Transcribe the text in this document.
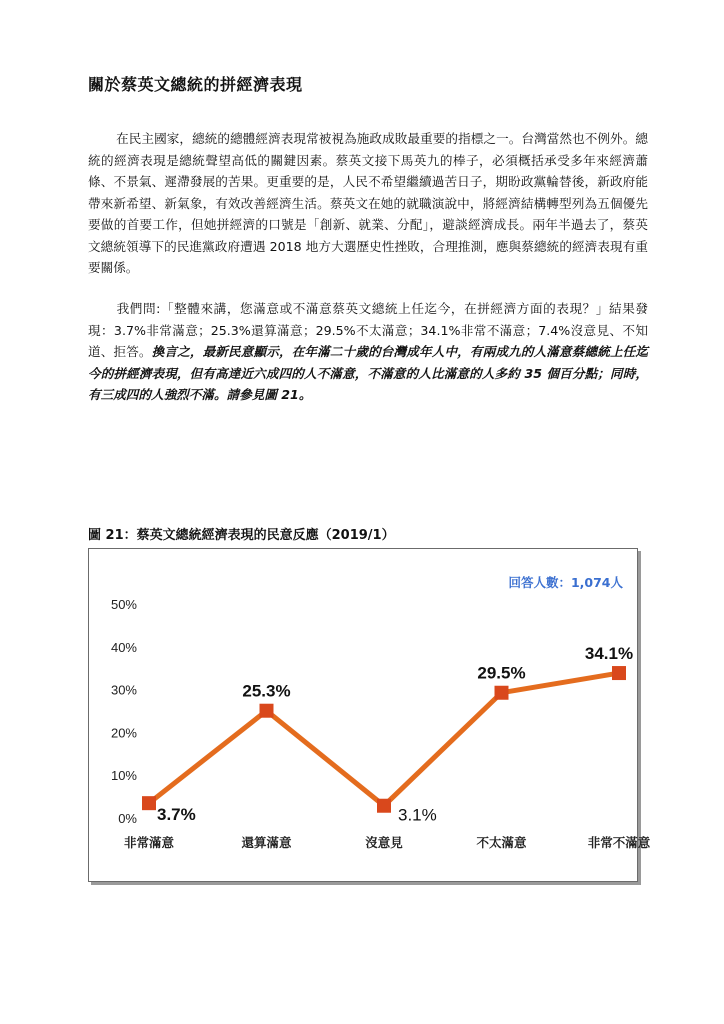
關於蔡英文總統的拼經濟表現

在民主國家，總統的總體經濟表現常被視為施政成敗最重要的指標之一。台灣當然也不例外。總統的經濟表現是總統聲望高低的關鍵因素。蔡英文接下馬英九的棒子，必須概括承受多年來經濟蕭條、不景氣、遲滯發展的苦果。更重要的是，人民不希望繼續過苦日子，期盼政黨輪替後，新政府能帶來新希望、新氣象，有效改善經濟生活。蔡英文在她的就職演說中，將經濟結構轉型列為五個優先要做的首要工作，但她拼經濟的口號是「創新、就業、分配」，避談經濟成長。兩年半過去了，蔡英文總統領導下的民進黨政府遭遇 2018 地方大選歷史性挫敗，合理推測，應與蔡總統的經濟表現有重要關係。

我們問:「整體來講，您滿意或不滿意蔡英文總統上任迄今，在拼經濟方面的表現？」結果發現：3.7%非常滿意；25.3%還算滿意；29.5%不太滿意；34.1%非常不滿意；7.4%沒意見、不知道、拒答。換言之，最新民意顯示，在年滿二十歲的台灣成年人中，有兩成九的人滿意蔡總統上任迄今的拼經濟表現，但有高達近六成四的人不滿意，不滿意的人比滿意的人多約 35 個百分點；同時，有三成四的人強烈不滿。請參見圖 21。

圖 21：蔡英文總統經濟表現的民意反應（2019/1）
回答人數：1,074人
0%
10%
20%
30%
40%
50%
非常滿意	還算滿意	沒意見	不太滿意	非常不滿意
3.7%
25.3%
3.1%
29.5%
34.1%
